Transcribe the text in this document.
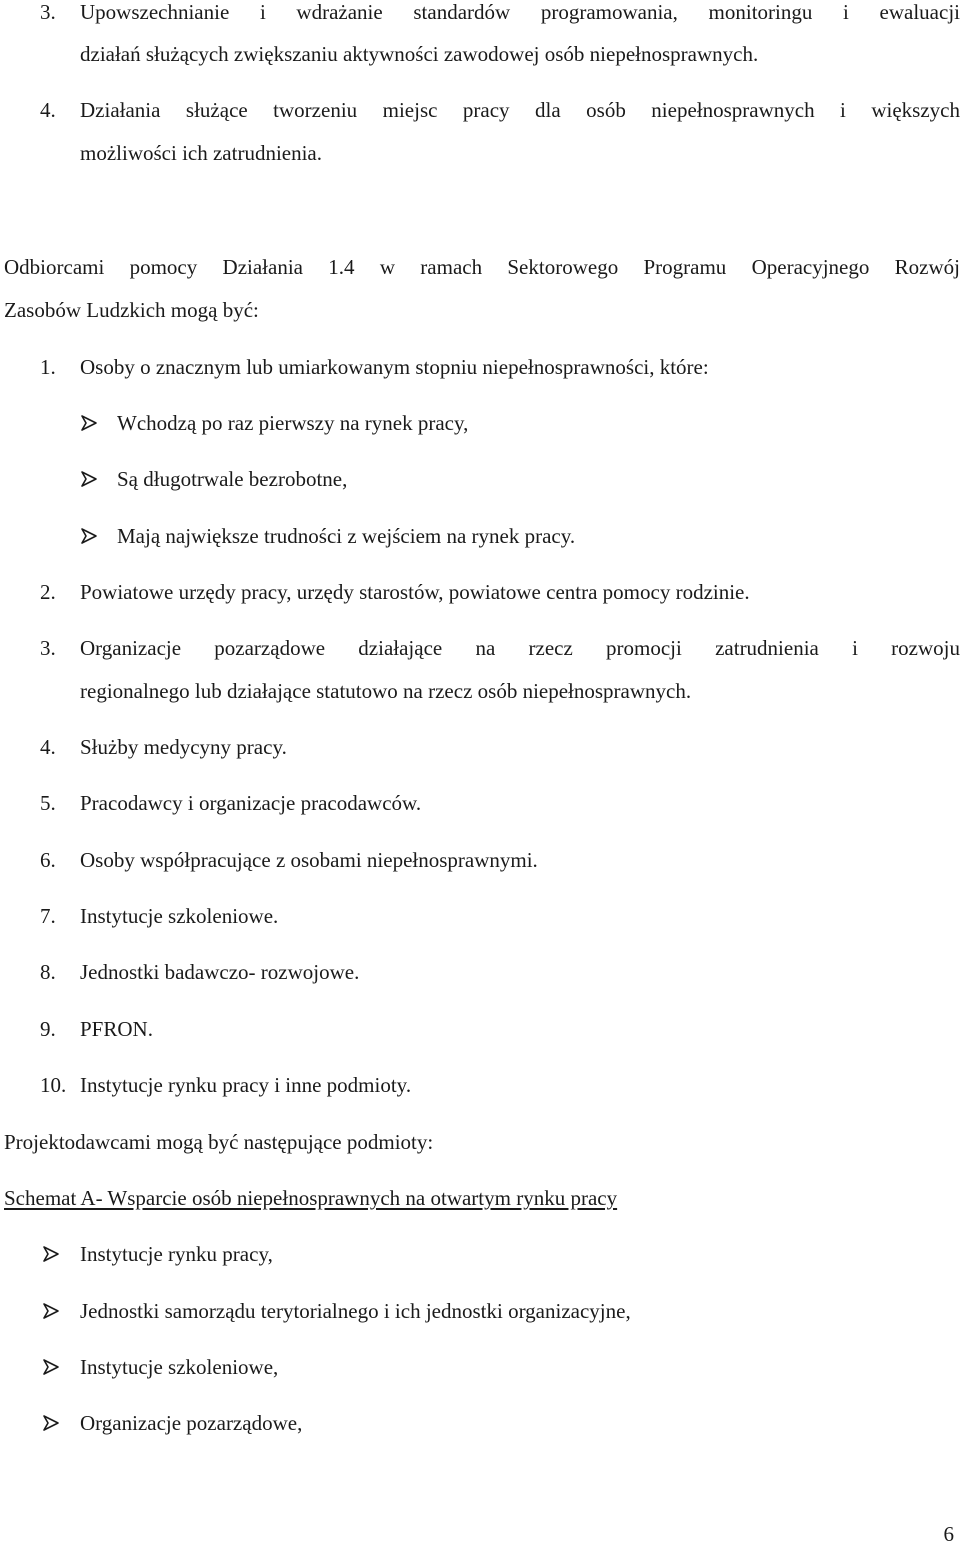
3. Upowszechnianie i wdrażanie standardów programowania, monitoringu i ewaluacji
działań służących zwiększaniu aktywności zawodowej osób niepełnosprawnych.
4. Działania służące tworzeniu miejsc pracy dla osób niepełnosprawnych i większych
możliwości ich zatrudnienia.
Odbiorcami pomocy Działania 1.4 w ramach Sektorowego Programu Operacyjnego Rozwój
Zasobów Ludzkich mogą być:
1. Osoby o znacznym lub umiarkowanym stopniu niepełnosprawności, które:
Wchodzą po raz pierwszy na rynek pracy,
Są długotrwale bezrobotne,
Mają największe trudności z wejściem na rynek pracy.
2. Powiatowe urzędy pracy, urzędy starostów, powiatowe centra pomocy rodzinie.
3. Organizacje pozarządowe działające na rzecz promocji zatrudnienia i rozwoju
regionalnego lub działające statutowo na rzecz osób niepełnosprawnych.
4. Służby medycyny pracy.
5. Pracodawcy i organizacje pracodawców.
6. Osoby współpracujące z osobami niepełnosprawnymi.
7. Instytucje szkoleniowe.
8. Jednostki badawczo- rozwojowe.
9. PFRON.
10. Instytucje rynku pracy i inne podmioty.
Projektodawcami mogą być następujące podmioty:
Schemat A- Wsparcie osób niepełnosprawnych na otwartym rynku pracy
Instytucje rynku pracy,
Jednostki samorządu terytorialnego i ich jednostki organizacyjne,
Instytucje szkoleniowe,
Organizacje pozarządowe,
6
